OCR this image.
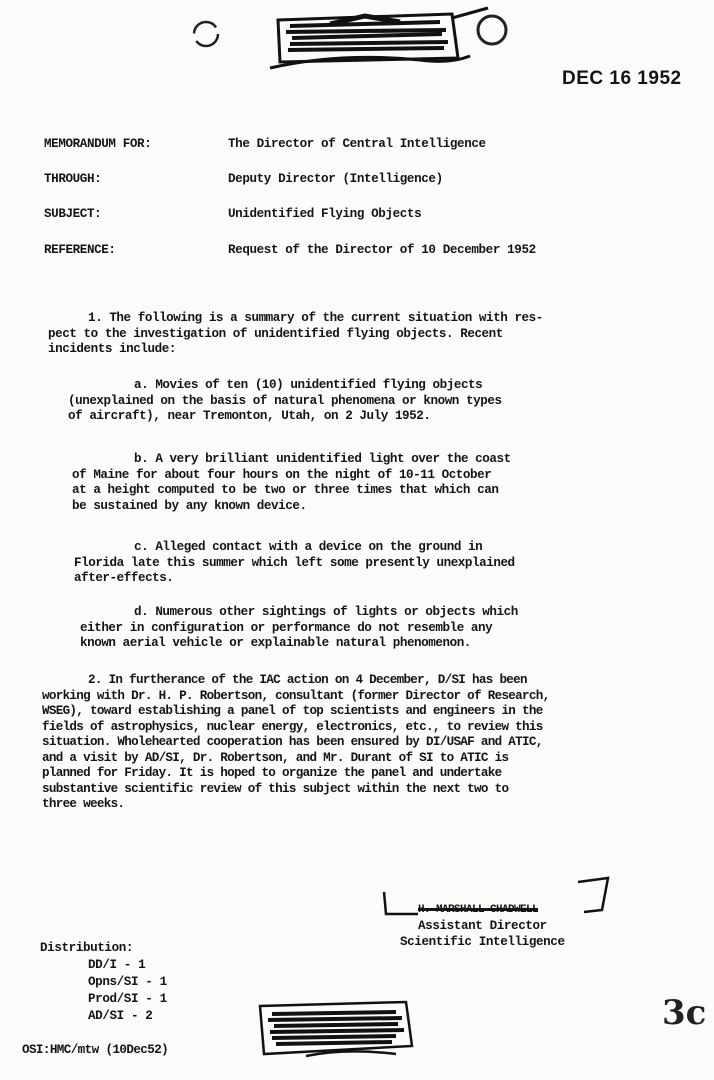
DEC 16 1952
MEMORANDUM FOR:	The Director of Central Intelligence
THROUGH:	Deputy Director (Intelligence)
SUBJECT:	Unidentified Flying Objects
REFERENCE:	Request of the Director of 10 December 1952
1. The following is a summary of the current situation with res-
pect to the investigation of unidentified flying objects. Recent
incidents include:
a. Movies of ten (10) unidentified flying objects
(unexplained on the basis of natural phenomena or known types
of aircraft), near Tremonton, Utah, on 2 July 1952.
b. A very brilliant unidentified light over the coast
of Maine for about four hours on the night of 10-11 October
at a height computed to be two or three times that which can
be sustained by any known device.
c. Alleged contact with a device on the ground in
Florida late this summer which left some presently unexplained
after-effects.
d. Numerous other sightings of lights or objects which
either in configuration or performance do not resemble any
known aerial vehicle or explainable natural phenomenon.
2. In furtherance of the IAC action on 4 December, D/SI has been
working with Dr. H. P. Robertson, consultant (former Director of Research,
WSEG), toward establishing a panel of top scientists and engineers in the
fields of astrophysics, nuclear energy, electronics, etc., to review this
situation. Wholehearted cooperation has been ensured by DI/USAF and ATIC,
and a visit by AD/SI, Dr. Robertson, and Mr. Durant of SI to ATIC is
planned for Friday. It is hoped to organize the panel and undertake
substantive scientific review of this subject within the next two to
three weeks.
H. MARSHALL CHADWELL
Assistant Director
Scientific Intelligence
Distribution:
DD/I - 1
Opns/SI - 1
Prod/SI - 1
AD/SI - 2
OSI:HMC/mtw (10Dec52)
3c
